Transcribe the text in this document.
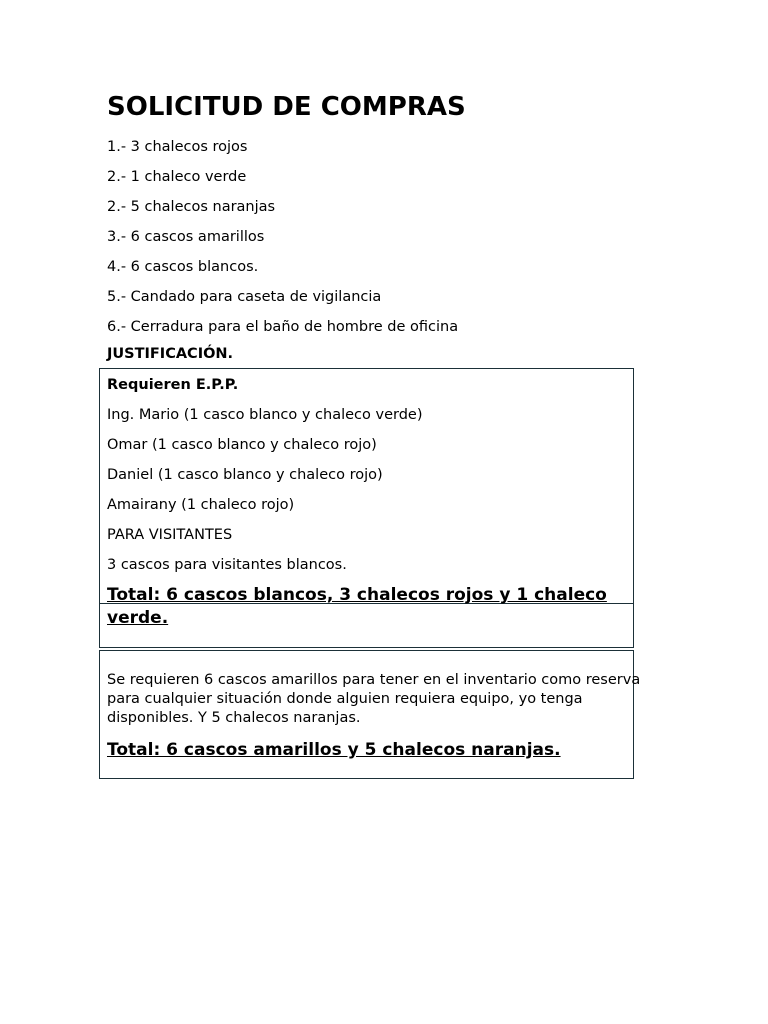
SOLICITUD DE COMPRAS
1.- 3 chalecos rojos
2.- 1 chaleco verde
2.- 5 chalecos naranjas
3.- 6 cascos amarillos
4.- 6 cascos blancos.
5.- Candado para caseta de vigilancia
6.- Cerradura para el baño de hombre de oficina
JUSTIFICACIÓN.
Requieren E.P.P.
Ing. Mario (1 casco blanco y chaleco verde)
Omar (1 casco blanco y chaleco rojo)
Daniel (1 casco blanco y chaleco rojo)
Amairany (1 chaleco rojo)
PARA VISITANTES
3 cascos para visitantes blancos.
Total: 6 cascos blancos, 3 chalecos rojos y 1 chaleco verde.
Se requieren 6 cascos amarillos para tener en el inventario como reserva para cualquier situación donde alguien requiera equipo, yo tenga disponibles. Y 5 chalecos naranjas.
Total: 6 cascos amarillos y 5 chalecos naranjas.
